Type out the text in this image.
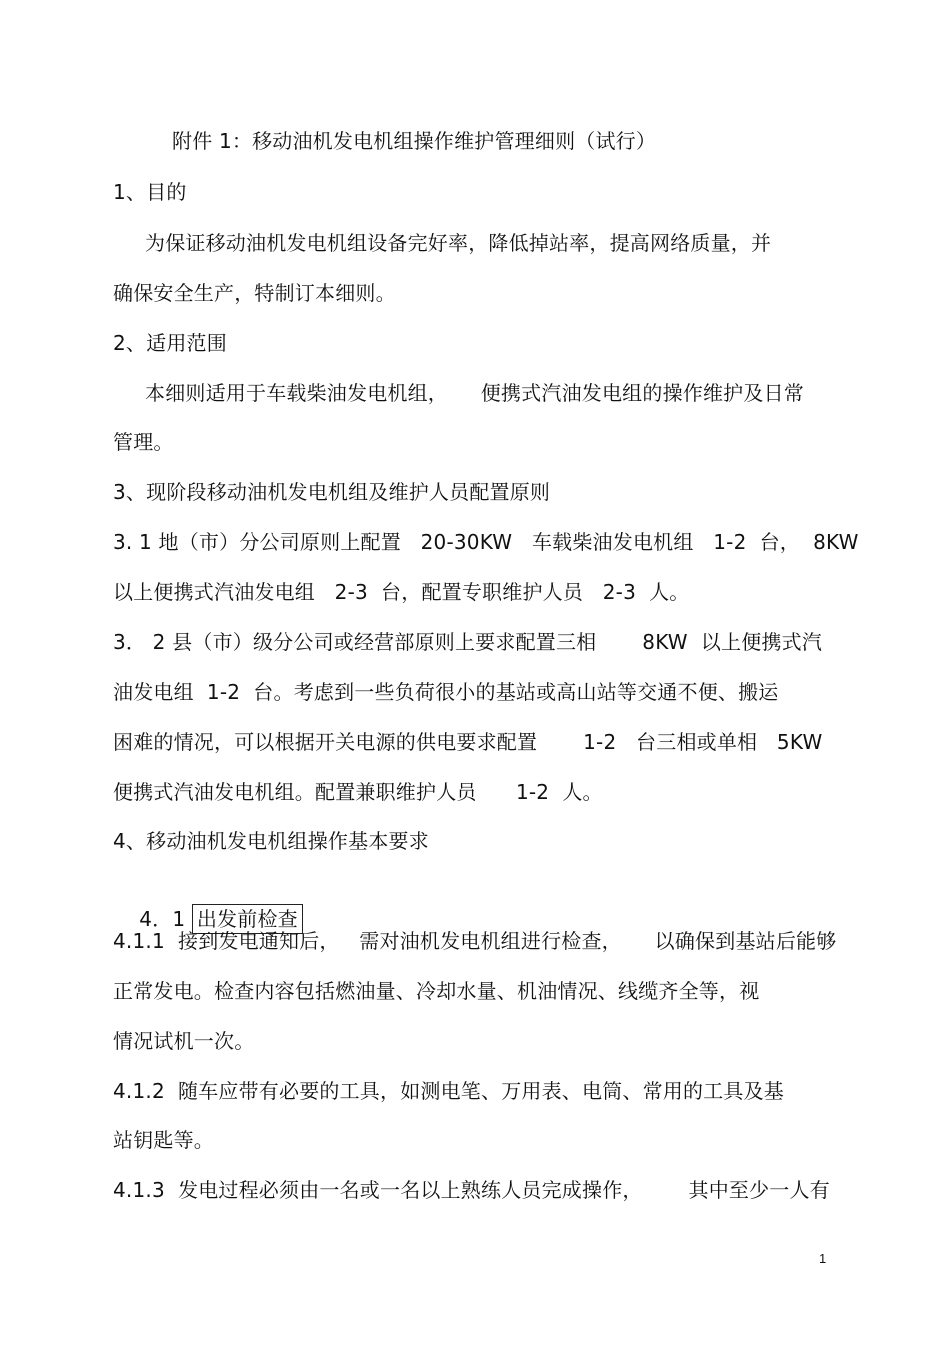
附件 1：移动油机发电机组操作维护管理细则（试行）
1、目的
为保证移动油机发电机组设备完好率，降低掉站率，提高网络质量，并
确保安全生产，特制订本细则。
2、适用范围
本细则适用于车载柴油发电机组，     便携式汽油发电组的操作维护及日常
管理。
3、现阶段移动油机发电机组及维护人员配置原则
3. 1 地（市）分公司原则上配置   20-30KW   车载柴油发电机组   1-2  台，  8KW
以上便携式汽油发电组   2-3  台，配置专职维护人员   2-3  人。
3． 2 县（市）级分公司或经营部原则上要求配置三相       8KW  以上便携式汽
油发电组  1-2  台。考虑到一些负荷很小的基站或高山站等交通不便、搬运
困难的情况，可以根据开关电源的供电要求配置       1-2   台三相或单相   5KW
便携式汽油发电机组。配置兼职维护人员      1-2  人。
4、移动油机发电机组操作基本要求

4．1 出发前检查

4.1.1  接到发电通知后，   需对油机发电机组进行检查，     以确保到基站后能够
正常发电。检查内容包括燃油量、冷却水量、机油情况、线缆齐全等，视
情况试机一次。
4.1.2  随车应带有必要的工具，如测电笔、万用表、电筒、常用的工具及基
站钥匙等。
4.1.3  发电过程必须由一名或一名以上熟练人员完成操作，       其中至少一人有
1
